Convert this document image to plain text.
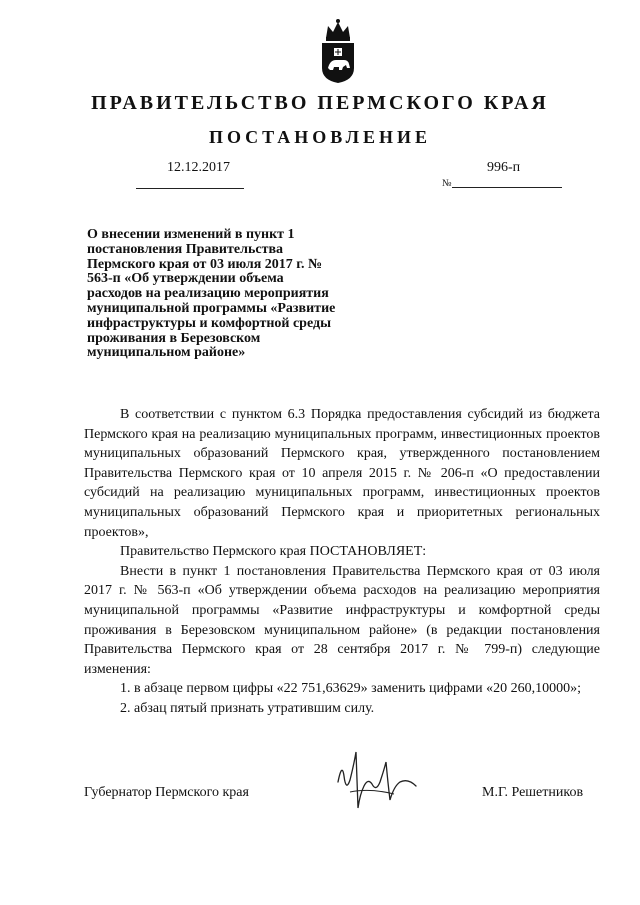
ПРАВИТЕЛЬСТВО ПЕРМСКОГО КРАЯ
ПОСТАНОВЛЕНИЕ
12.12.2017	996-п
№
О внесении изменений в пункт 1 постановления Правительства Пермского края от 03 июля 2017 г. № 563-п «Об утверждении объема расходов на реализацию мероприятия муниципальной программы «Развитие инфраструктуры и комфортной среды проживания в Березовском муниципальном районе»

В соответствии с пунктом 6.3 Порядка предоставления субсидий из бюджета Пермского края на реализацию муниципальных программ, инвестиционных проектов муниципальных образований Пермского края, утвержденного постановлением Правительства Пермского края от 10 апреля 2015 г. № 206-п «О предоставлении субсидий на реализацию муниципальных программ, инвестиционных проектов муниципальных образований Пермского края и приоритетных региональных проектов»,

Правительство Пермского края ПОСТАНОВЛЯЕТ:

Внести в пункт 1 постановления Правительства Пермского края от 03 июля 2017 г. № 563-п «Об утверждении объема расходов на реализацию мероприятия муниципальной программы «Развитие инфраструктуры и комфортной среды проживания в Березовском муниципальном районе» (в редакции постановления Правительства Пермского края от 28 сентября 2017 г. № 799-п) следующие изменения:

1. в абзаце первом цифры «22 751,63629» заменить цифрами «20 260,10000»;

2. абзац пятый признать утратившим силу.

Губернатор Пермского края	М.Г. Решетников
